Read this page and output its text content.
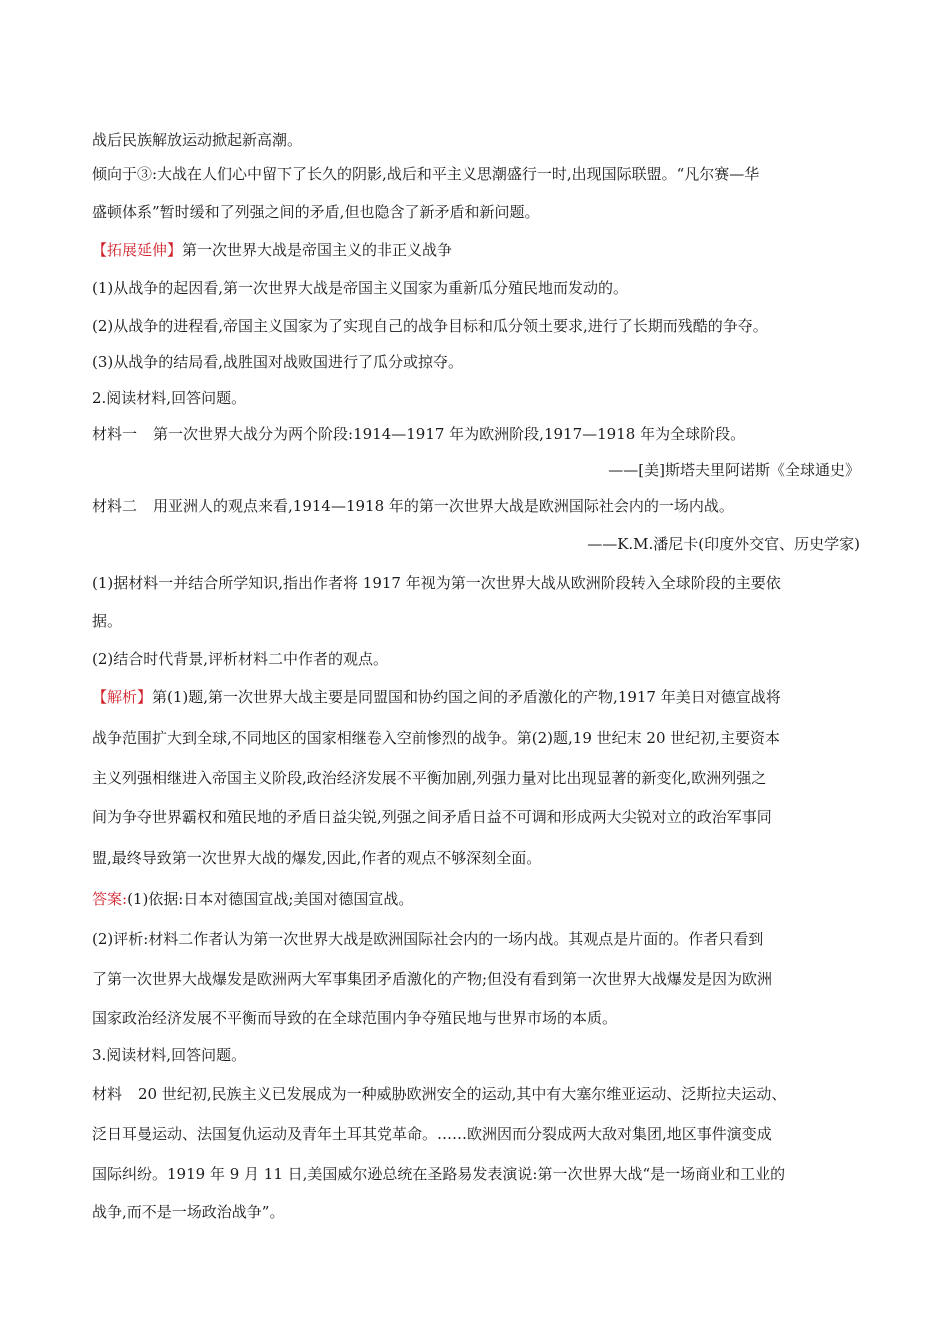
战后民族解放运动掀起新高潮。
倾向于③:大战在人们心中留下了长久的阴影,战后和平主义思潮盛行一时,出现国际联盟。“凡尔赛—华
盛顿体系”暂时缓和了列强之间的矛盾,但也隐含了新矛盾和新问题。
【拓展延伸】第一次世界大战是帝国主义的非正义战争
(1)从战争的起因看,第一次世界大战是帝国主义国家为重新瓜分殖民地而发动的。
(2)从战争的进程看,帝国主义国家为了实现自己的战争目标和瓜分领土要求,进行了长期而残酷的争夺。
(3)从战争的结局看,战胜国对战败国进行了瓜分或掠夺。
2.阅读材料,回答问题。
材料一 第一次世界大战分为两个阶段:1914—1917 年为欧洲阶段,1917—1918 年为全球阶段。
——[美]斯塔夫里阿诺斯《全球通史》
材料二 用亚洲人的观点来看,1914—1918 年的第一次世界大战是欧洲国际社会内的一场内战。
——K.M.潘尼卡(印度外交官、历史学家)
(1)据材料一并结合所学知识,指出作者将 1917 年视为第一次世界大战从欧洲阶段转入全球阶段的主要依
据。
(2)结合时代背景,评析材料二中作者的观点。
【解析】第(1)题,第一次世界大战主要是同盟国和协约国之间的矛盾激化的产物,1917 年美日对德宣战将
战争范围扩大到全球,不同地区的国家相继卷入空前惨烈的战争。第(2)题,19 世纪末 20 世纪初,主要资本
主义列强相继进入帝国主义阶段,政治经济发展不平衡加剧,列强力量对比出现显著的新变化,欧洲列强之
间为争夺世界霸权和殖民地的矛盾日益尖锐,列强之间矛盾日益不可调和形成两大尖锐对立的政治军事同
盟,最终导致第一次世界大战的爆发,因此,作者的观点不够深刻全面。
答案:(1)依据:日本对德国宣战;美国对德国宣战。
(2)评析:材料二作者认为第一次世界大战是欧洲国际社会内的一场内战。其观点是片面的。作者只看到
了第一次世界大战爆发是欧洲两大军事集团矛盾激化的产物;但没有看到第一次世界大战爆发是因为欧洲
国家政治经济发展不平衡而导致的在全球范围内争夺殖民地与世界市场的本质。
3.阅读材料,回答问题。
材料 20 世纪初,民族主义已发展成为一种威胁欧洲安全的运动,其中有大塞尔维亚运动、泛斯拉夫运动、
泛日耳曼运动、法国复仇运动及青年土耳其党革命。……欧洲因而分裂成两大敌对集团,地区事件演变成
国际纠纷。1919 年 9 月 11 日,美国威尔逊总统在圣路易发表演说:第一次世界大战“是一场商业和工业的
战争,而不是一场政治战争”。
